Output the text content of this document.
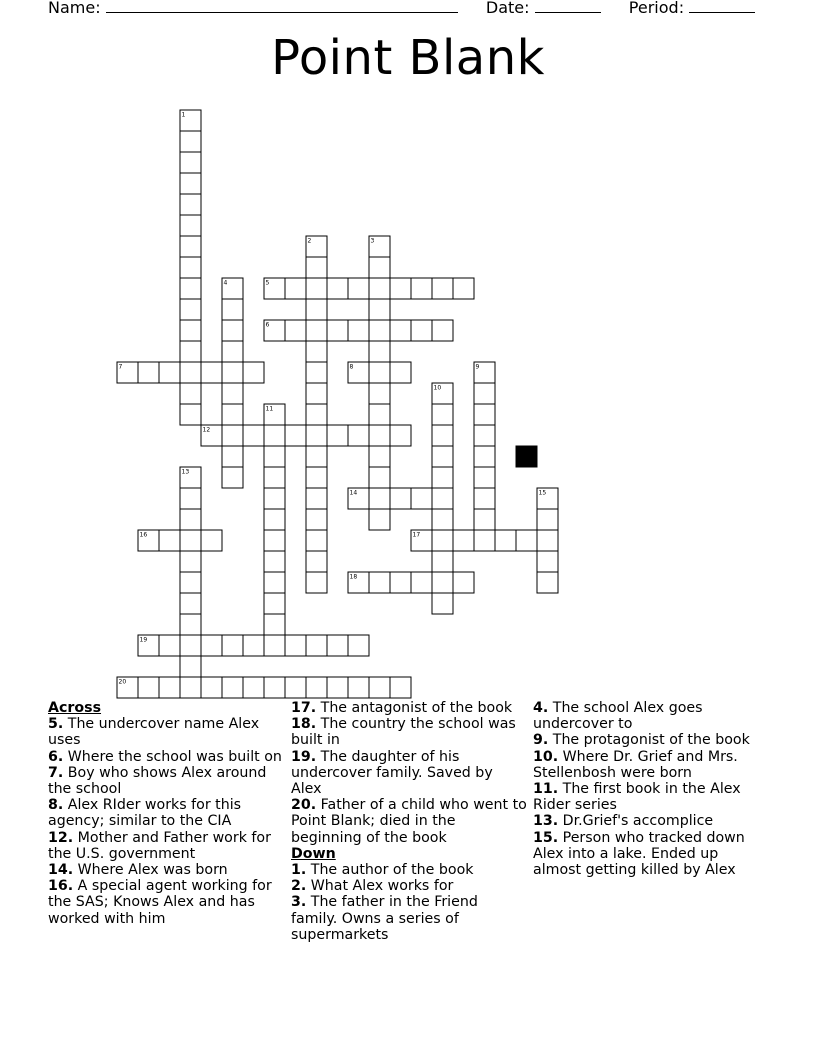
Name:	Date:	Period:
Point Blank
1
2	3
4	5
6
7	8	9
10
11
12
13
14	15
16	17
18
19
20
Across
5. The undercover name Alex uses
6. Where the school was built on
7. Boy who shows Alex around the school
8. Alex RIder works for this agency; similar to the CIA
12. Mother and Father work for the U.S. government
14. Where Alex was born
16. A special agent working for the SAS; Knows Alex and has worked with him
17. The antagonist of the book
18. The country the school was built in
19. The daughter of his undercover family. Saved by Alex
20. Father of a child who went to Point Blank; died in the beginning of the book
Down
1. The author of the book
2. What Alex works for
3. The father in the Friend family. Owns a series of supermarkets
4. The school Alex goes undercover to
9. The protagonist of the book
10. Where Dr. Grief and Mrs. Stellenbosh were born
11. The first book in the Alex Rider series
13. Dr.Grief's accomplice
15. Person who tracked down Alex into a lake. Ended up almost getting killed by Alex
